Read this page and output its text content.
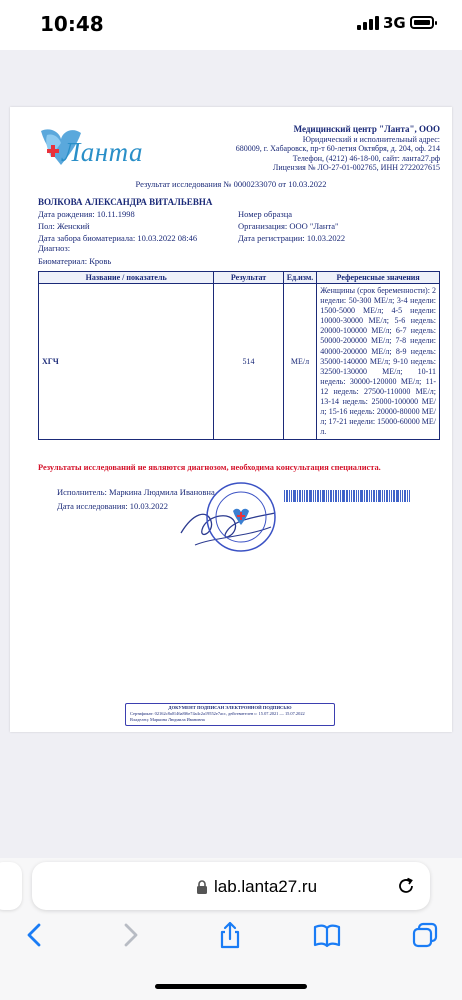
10:48	3G
Ланта
Медицинский центр "Ланта", ООО
Юридический и исполнительный адрес:
680009, г. Хабаровск, пр-т 60-летия Октября, д. 204, оф. 214
Телефон, (4212) 46-18-00, сайт: ланта27.рф
Лицензия № ЛО-27-01-002765, ИНН 2722027615
Результат исследования № 0000233070 от 10.03.2022
ВОЛКОВА АЛЕКСАНДРА ВИТАЛЬЕВНА
Дата рождения: 10.11.1998
Пол: Женский
Дата забора биоматериала: 10.03.2022 08:46
Диагноз:
Биоматериал: Кровь
Номер образца
Организация: ООО "Ланта"
Дата регистрации: 10.03.2022
Название / показатель	Результат	Ед.изм.	Референсные значения
ХГЧ	514	МЕ/л	Женщины (срок беременности): 2 недели: 50-300 МЕ/л; 3-4 недели: 1500-5000 МЕ/л; 4-5 недели: 10000-30000 МЕ/л; 5-6 недель: 20000-100000 МЕ/л; 6-7 недель: 50000-200000 МЕ/л; 7-8 недели: 40000-200000 МЕ/л; 8-9 недель: 35000-140000 МЕ/л; 9-10 недель: 32500-130000 МЕ/л; 10-11 недель: 30000-120000 МЕ/л; 11-12 недель: 27500-110000 МЕ/л; 13-14 недель: 25000-100000 МЕ/л; 15-16 недель: 20000-80000 МЕ/л; 17-21 недели: 15000-60000 МЕ/л.
Результаты исследований не являются диагнозом, необходима консультация специалиста.
Исполнитель: Маркина Людмила Ивановна
Дата исследования: 10.03.2022
ДОКУМЕНТ ПОДПИСАН ЭЛЕКТРОННОЙ ПОДПИСЬЮ
Сертификат: 02162c8a0146a8f6e74a4c2a19552e7acc, действителен с: 15.07.2021 — 15.07.2022
Владелец: Маркина Людмила Ивановна
lab.lanta27.ru
